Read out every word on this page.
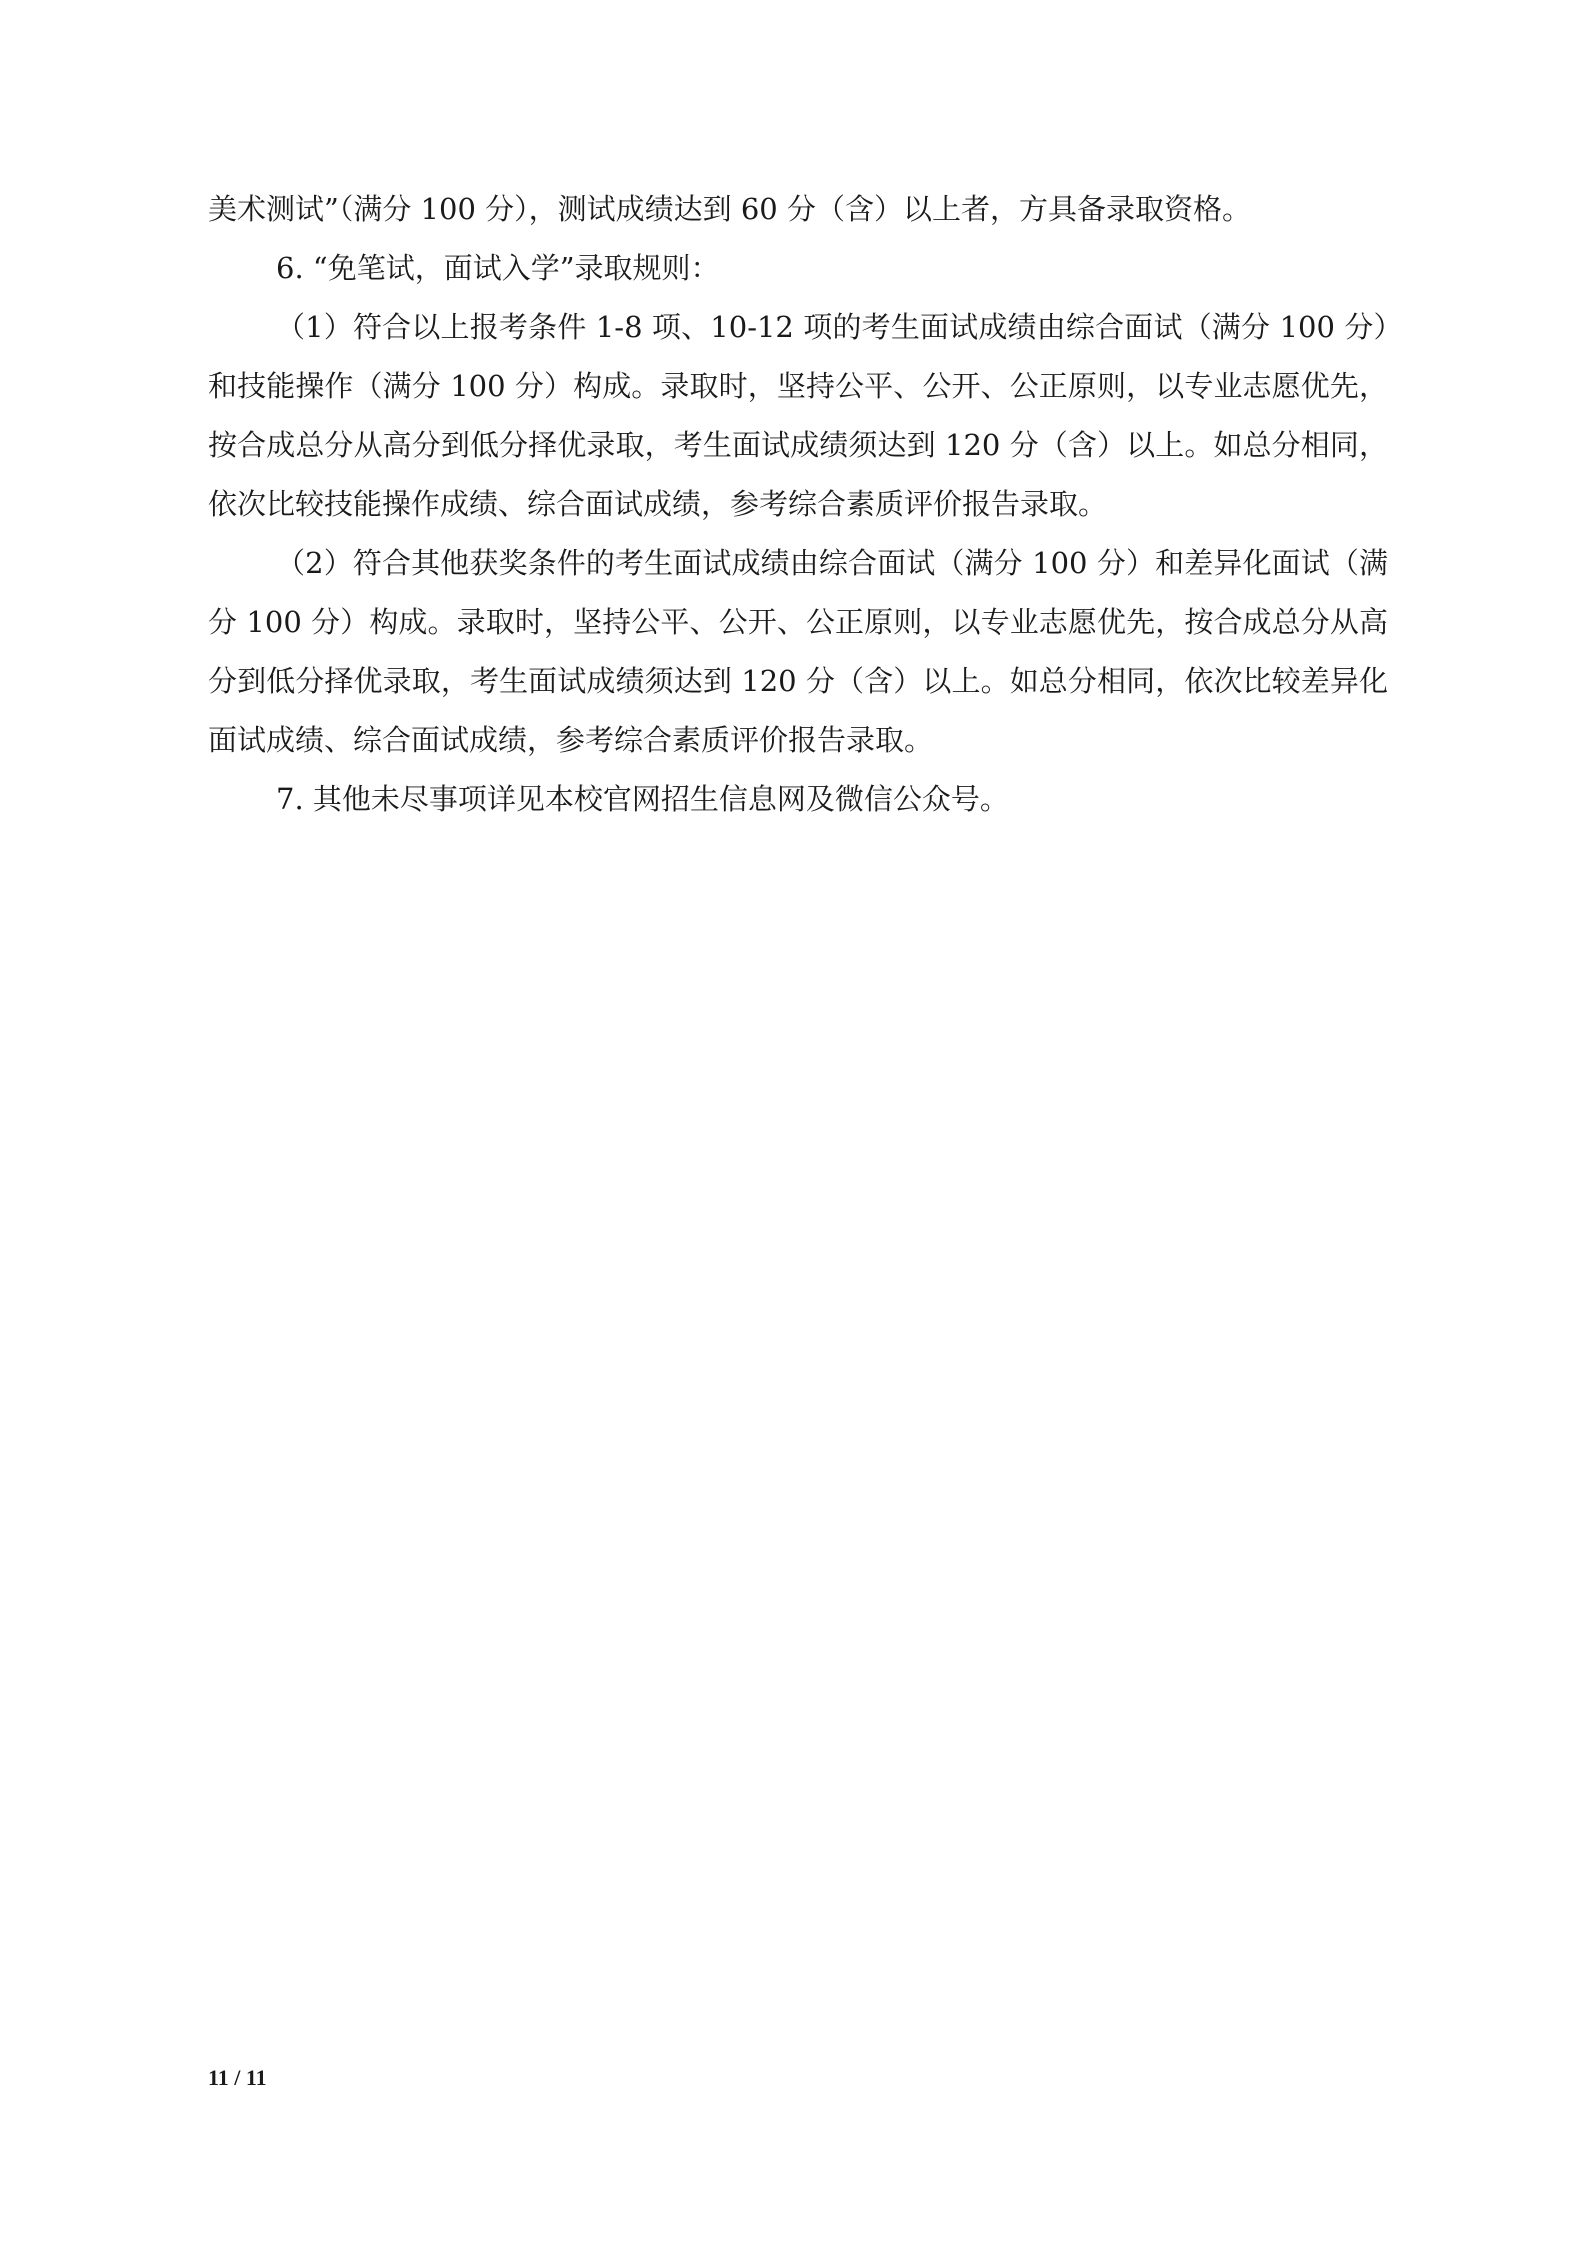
美术测试”（满分 100 分），测试成绩达到 60 分（含）以上者，方具备录取资格。

6. “免笔试，面试入学”录取规则：

（1）符合以上报考条件 1-8 项、10-12 项的考生面试成绩由综合面试（满分 100 分）和技能操作（满分 100 分）构成。录取时，坚持公平、公开、公正原则，以专业志愿优先，按合成总分从高分到低分择优录取，考生面试成绩须达到 120 分（含）以上。如总分相同，依次比较技能操作成绩、综合面试成绩，参考综合素质评价报告录取。

（2）符合其他获奖条件的考生面试成绩由综合面试（满分 100 分）和差异化面试（满分 100 分）构成。录取时，坚持公平、公开、公正原则，以专业志愿优先，按合成总分从高分到低分择优录取，考生面试成绩须达到 120 分（含）以上。如总分相同，依次比较差异化面试成绩、综合面试成绩，参考综合素质评价报告录取。

7. 其他未尽事项详见本校官网招生信息网及微信公众号。

11 / 11
